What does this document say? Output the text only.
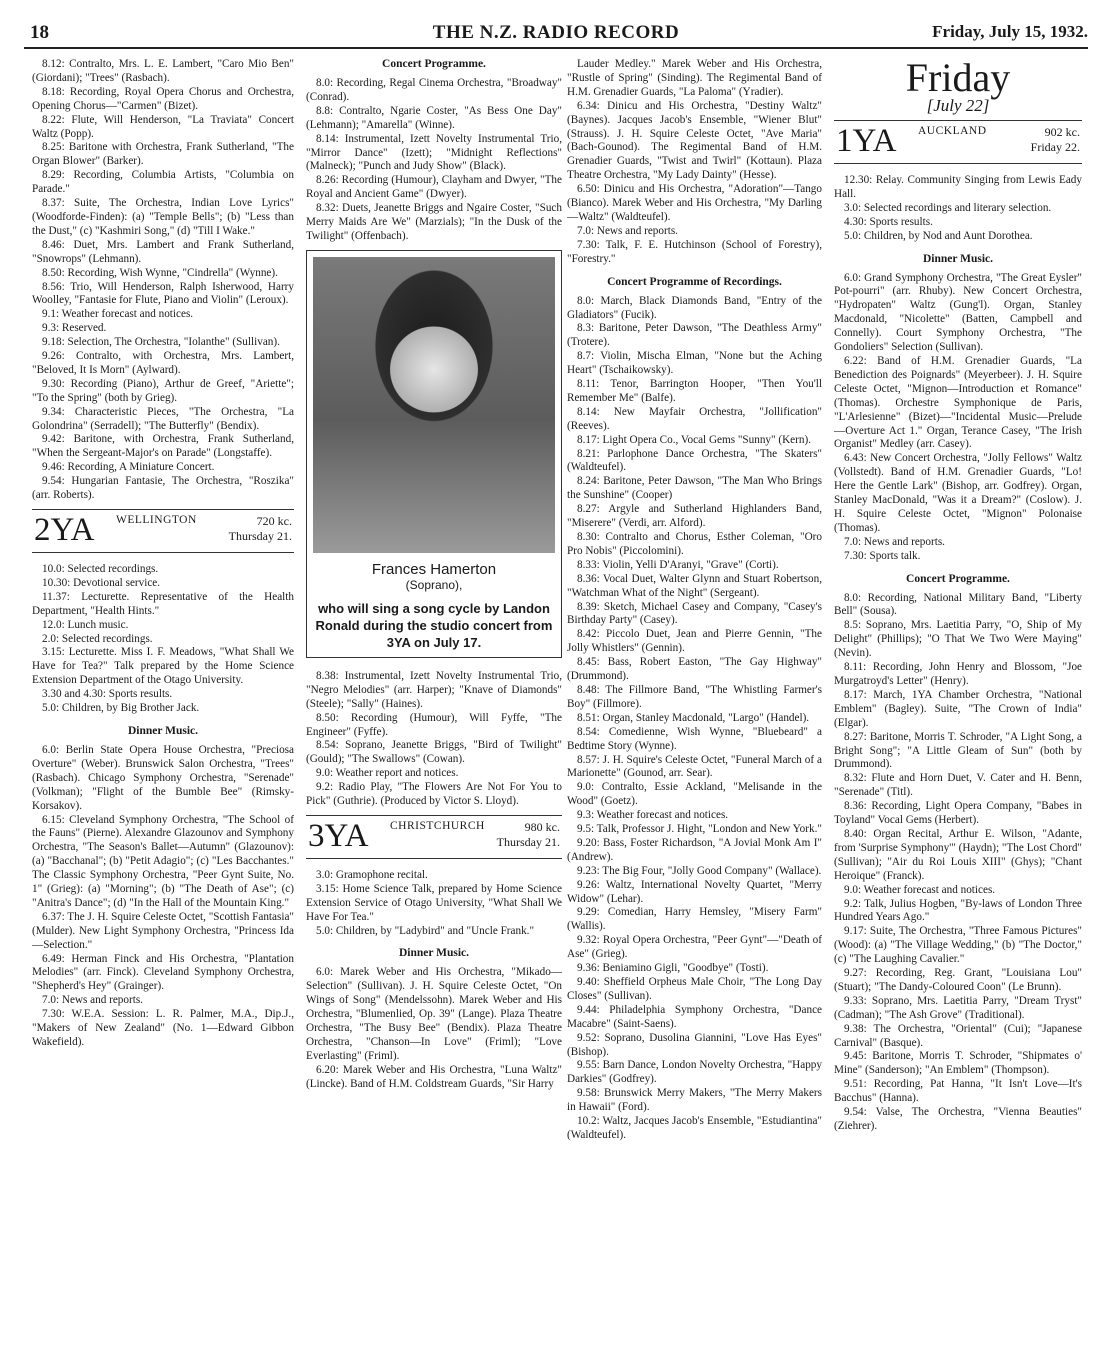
18	THE N.Z. RADIO RECORD	Friday, July 15, 1932.

8.12: Contralto, Mrs. L. E. Lambert, "Caro Mio Ben" (Giordani); "Trees" (Rasbach).

8.18: Recording, Royal Opera Chorus and Orchestra, Opening Chorus—"Carmen" (Bizet).

8.22: Flute, Will Henderson, "La Traviata" Concert Waltz (Popp).

8.25: Baritone with Orchestra, Frank Sutherland, "The Organ Blower" (Barker).

8.29: Recording, Columbia Artists, "Columbia on Parade."

8.37: Suite, The Orchestra, Indian Love Lyrics" (Woodforde-Finden): (a) "Temple Bells"; (b) "Less than the Dust," (c) "Kashmiri Song," (d) "Till I Wake."

8.46: Duet, Mrs. Lambert and Frank Sutherland, "Snowrops" (Lehmann).

8.50: Recording, Wish Wynne, "Cindrella" (Wynne).

8.56: Trio, Will Henderson, Ralph Isherwood, Harry Woolley, "Fantasie for Flute, Piano and Violin" (Leroux).

9.1: Weather forecast and notices.

9.3: Reserved.

9.18: Selection, The Orchestra, "Iolanthe" (Sullivan).

9.26: Contralto, with Orchestra, Mrs. Lambert, "Beloved, It Is Morn" (Aylward).

9.30: Recording (Piano), Arthur de Greef, "Ariette"; "To the Spring" (both by Grieg).

9.34: Characteristic Pieces, "The Orchestra, "La Golondrina" (Serradell); "The Butterfly" (Bendix).

9.42: Baritone, with Orchestra, Frank Sutherland, "When the Sergeant-Major's on Parade" (Longstaffe).

9.46: Recording, A Miniature Concert.

9.54: Hungarian Fantasie, The Orchestra, "Roszika" (arr. Roberts).

2YA WELLINGTON	720 kc.
Thursday 21.

10.0: Selected recordings.

10.30: Devotional service.

11.37: Lecturette. Representative of the Health Department, "Health Hints."

12.0: Lunch music.

2.0: Selected recordings.

3.15: Lecturette. Miss I. F. Meadows, "What Shall We Have for Tea?" Talk prepared by the Home Science Extension Department of the Otago University.

3.30 and 4.30: Sports results.

5.0: Children, by Big Brother Jack.

Dinner Music.

6.0: Berlin State Opera House Orchestra, "Preciosa Overture" (Weber). Brunswick Salon Orchestra, "Trees" (Rasbach). Chicago Symphony Orchestra, "Serenade" (Volkman); "Flight of the Bumble Bee" (Rimsky-Korsakov).

6.15: Cleveland Symphony Orchestra, "The School of the Fauns" (Pierne). Alexandre Glazounov and Symphony Orchestra, "The Season's Ballet—Autumn" (Glazounov): (a) "Bacchanal"; (b) "Petit Adagio"; (c) "Les Bacchantes." The Classic Symphony Orchestra, "Peer Gynt Suite, No. 1" (Grieg): (a) "Morning"; (b) "The Death of Ase"; (c) "Anitra's Dance"; (d) "In the Hall of the Mountain King."

6.37: The J. H. Squire Celeste Octet, "Scottish Fantasia" (Mulder). New Light Symphony Orchestra, "Princess Ida—Selection."

6.49: Herman Finck and His Orchestra, "Plantation Melodies" (arr. Finck). Cleveland Symphony Orchestra, "Shepherd's Hey" (Grainger).

7.0: News and reports.

7.30: W.E.A. Session: L. R. Palmer, M.A., Dip.J., "Makers of New Zealand" (No. 1—Edward Gibbon Wakefield).

Concert Programme.

8.0: Recording, Regal Cinema Orchestra, "Broadway" (Conrad).

8.8: Contralto, Ngarie Coster, "As Bess One Day" (Lehmann); "Amarella" (Winne).

8.14: Instrumental, Izett Novelty Instrumental Trio, "Mirror Dance" (Izett); "Midnight Reflections" (Malneck); "Punch and Judy Show" (Black).

8.26: Recording (Humour), Clayham and Dwyer, "The Royal and Ancient Game" (Dwyer).

8.32: Duets, Jeanette Briggs and Ngaire Coster, "Such Merry Maids Are We" (Marzials); "In the Dusk of the Twilight" (Offenbach).

Frances Hamerton
(Soprano),
who will sing a song cycle by Landon Ronald during the studio concert from 3YA on July 17.

8.38: Instrumental, Izett Novelty Instrumental Trio, "Negro Melodies" (arr. Harper); "Knave of Diamonds" (Steele); "Sally" (Haines).

8.50: Recording (Humour), Will Fyffe, "The Engineer" (Fyffe).

8.54: Soprano, Jeanette Briggs, "Bird of Twilight" (Gould); "The Swallows" (Cowan).

9.0: Weather report and notices.

9.2: Radio Play, "The Flowers Are Not For You to Pick" (Guthrie). (Produced by Victor S. Lloyd).

3YA CHRISTCHURCH	980 kc.
Thursday 21.

3.0: Gramophone recital.

3.15: Home Science Talk, prepared by Home Science Extension Service of Otago University, "What Shall We Have For Tea."

5.0: Children, by "Ladybird" and "Uncle Frank."

Dinner Music.

6.0: Marek Weber and His Orchestra, "Mikado—Selection" (Sullivan). J. H. Squire Celeste Octet, "On Wings of Song" (Mendelssohn). Marek Weber and His Orchestra, "Blumenlied, Op. 39" (Lange). Plaza Theatre Orchestra, "The Busy Bee" (Bendix). Plaza Theatre Orchestra, "Chanson—In Love" (Friml); "Love Everlasting" (Friml).

6.20: Marek Weber and His Orchestra, "Luna Waltz" (Lincke). Band of H.M. Coldstream Guards, "Sir Harry

Lauder Medley." Marek Weber and His Orchestra, "Rustle of Spring" (Sinding). The Regimental Band of H.M. Grenadier Guards, "La Paloma" (Yradier).

6.34: Dinicu and His Orchestra, "Destiny Waltz" (Baynes). Jacques Jacob's Ensemble, "Wiener Blut" (Strauss). J. H. Squire Celeste Octet, "Ave Maria" (Bach-Gounod). The Regimental Band of H.M. Grenadier Guards, "Twist and Twirl" (Kottaun). Plaza Theatre Orchestra, "My Lady Dainty" (Hesse).

6.50: Dinicu and His Orchestra, "Adoration"—Tango (Bianco). Marek Weber and His Orchestra, "My Darling —Waltz" (Waldteufel).

7.0: News and reports.

7.30: Talk, F. E. Hutchinson (School of Forestry), "Forestry."

Concert Programme of Recordings.

8.0: March, Black Diamonds Band, "Entry of the Gladiators" (Fucik).

8.3: Baritone, Peter Dawson, "The Deathless Army" (Trotere).

8.7: Violin, Mischa Elman, "None but the Aching Heart" (Tschaikowsky).

8.11: Tenor, Barrington Hooper, "Then You'll Remember Me" (Balfe).

8.14: New Mayfair Orchestra, "Jollification" (Reeves).

8.17: Light Opera Co., Vocal Gems "Sunny" (Kern).

8.21: Parlophone Dance Orchestra, "The Skaters" (Waldteufel).

8.24: Baritone, Peter Dawson, "The Man Who Brings the Sunshine" (Cooper)

8.27: Argyle and Sutherland Highlanders Band, "Miserere" (Verdi, arr. Alford).

8.30: Contralto and Chorus, Esther Coleman, "Oro Pro Nobis" (Piccolomini).

8.33: Violin, Yelli D'Aranyi, "Grave" (Corti).

8.36: Vocal Duet, Walter Glynn and Stuart Robertson, "Watchman What of the Night" (Sergeant).

8.39: Sketch, Michael Casey and Company, "Casey's Birthday Party" (Casey).

8.42: Piccolo Duet, Jean and Pierre Gennin, "The Jolly Whistlers" (Gennin).

8.45: Bass, Robert Easton, "The Gay Highway" (Drummond).

8.48: The Fillmore Band, "The Whistling Farmer's Boy" (Fillmore).

8.51: Organ, Stanley Macdonald, "Largo" (Handel).

8.54: Comedienne, Wish Wynne, "Bluebeard" a Bedtime Story (Wynne).

8.57: J. H. Squire's Celeste Octet, "Funeral March of a Marionette" (Gounod, arr. Sear).

9.0: Contralto, Essie Ackland, "Melisande in the Wood" (Goetz).

9.3: Weather forecast and notices.

9.5: Talk, Professor J. Hight, "London and New York."

9.20: Bass, Foster Richardson, "A Jovial Monk Am I" (Andrew).

9.23: The Big Four, "Jolly Good Company" (Wallace).

9.26: Waltz, International Novelty Quartet, "Merry Widow" (Lehar).

9.29: Comedian, Harry Hemsley, "Misery Farm" (Wallis).

9.32: Royal Opera Orchestra, "Peer Gynt"—"Death of Ase" (Grieg).

9.36: Beniamino Gigli, "Goodbye" (Tosti).

9.40: Sheffield Orpheus Male Choir, "The Long Day Closes" (Sullivan).

9.44: Philadelphia Symphony Orchestra, "Dance Macabre" (Saint-Saens).

9.52: Soprano, Dusolina Giannini, "Love Has Eyes" (Bishop).

9.55: Barn Dance, London Novelty Orchestra, "Happy Darkies" (Godfrey).

9.58: Brunswick Merry Makers, "The Merry Makers in Hawaii" (Ford).

10.2: Waltz, Jacques Jacob's Ensemble, "Estudiantina" (Waldteufel).

Friday
[July 22]
1YA AUCKLAND	902 kc.
Friday 22.

12.30: Relay. Community Singing from Lewis Eady Hall.

3.0: Selected recordings and literary selection.

4.30: Sports results.

5.0: Children, by Nod and Aunt Dorothea.

Dinner Music.

6.0: Grand Symphony Orchestra, "The Great Eysler" Pot-pourri" (arr. Rhuby). New Concert Orchestra, "Hydropaten" Waltz (Gung'l). Organ, Stanley Macdonald, "Nicolette" (Batten, Campbell and Connelly). Court Symphony Orchestra, "The Gondoliers" Selection (Sullivan).

6.22: Band of H.M. Grenadier Guards, "La Benediction des Poignards" (Meyerbeer). J. H. Squire Celeste Octet, "Mignon—Introduction et Romance" (Thomas). Orchestre Symphonique de Paris, "L'Arlesienne" (Bizet)—"Incidental Music—Prelude—Overture Act 1." Organ, Terance Casey, "The Irish Organist" Medley (arr. Casey).

6.43: New Concert Orchestra, "Jolly Fellows" Waltz (Vollstedt). Band of H.M. Grenadier Guards, "Lo! Here the Gentle Lark" (Bishop, arr. Godfrey). Organ, Stanley MacDonald, "Was it a Dream?" (Coslow). J. H. Squire Celeste Octet, "Mignon" Polonaise (Thomas).

7.0: News and reports.

7.30: Sports talk.

Concert Programme.

8.0: Recording, National Military Band, "Liberty Bell" (Sousa).

8.5: Soprano, Mrs. Laetitia Parry, "O, Ship of My Delight" (Phillips); "O That We Two Were Maying" (Nevin).

8.11: Recording, John Henry and Blossom, "Joe Murgatroyd's Letter" (Henry).

8.17: March, 1YA Chamber Orchestra, "National Emblem" (Bagley). Suite, "The Crown of India" (Elgar).

8.27: Baritone, Morris T. Schroder, "A Light Song, a Bright Song"; "A Little Gleam of Sun" (both by Drummond).

8.32: Flute and Horn Duet, V. Cater and H. Benn, "Serenade" (Titl).

8.36: Recording, Light Opera Company, "Babes in Toyland" Vocal Gems (Herbert).

8.40: Organ Recital, Arthur E. Wilson, "Adante, from 'Surprise Symphony'" (Haydn); "The Lost Chord" (Sullivan); "Air du Roi Louis XIII" (Ghys); "Chant Heroique" (Franck).

9.0: Weather forecast and notices.

9.2: Talk, Julius Hogben, "By-laws of London Three Hundred Years Ago."

9.17: Suite, The Orchestra, "Three Famous Pictures" (Wood): (a) "The Village Wedding," (b) "The Doctor," (c) "The Laughing Cavalier."

9.27: Recording, Reg. Grant, "Louisiana Lou" (Stuart); "The Dandy-Coloured Coon" (Le Brunn).

9.33: Soprano, Mrs. Laetitia Parry, "Dream Tryst" (Cadman); "The Ash Grove" (Traditional).

9.38: The Orchestra, "Oriental" (Cui); "Japanese Carnival" (Basque).

9.45: Baritone, Morris T. Schroder, "Shipmates o' Mine" (Sanderson); "An Emblem" (Thompson).

9.51: Recording, Pat Hanna, "It Isn't Love—It's Bacchus" (Hanna).

9.54: Valse, The Orchestra, "Vienna Beauties" (Ziehrer).
